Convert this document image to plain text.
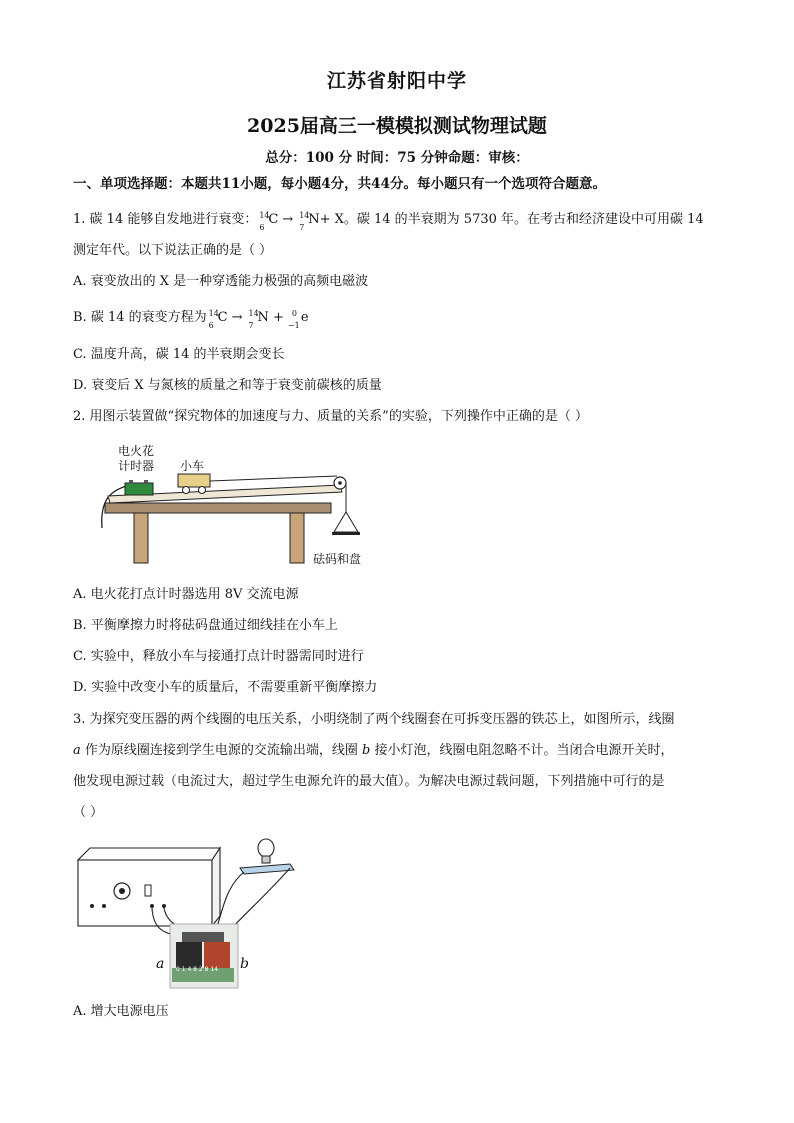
江苏省射阳中学
2025届高三一模模拟测试物理试题
总分：100 分 时间：75 分钟命题：审核：
一、单项选择题：本题共11小题，每小题4分，共44分。每小题只有一个选项符合题意。
1. 碳 14 能够自发地进行衰变： 14
6
C → 14
7
N+ X。碳 14 的半衰期为 5730 年。在考古和经济建设中可用碳 14
测定年代。以下说法正确的是（ ）
A. 衰变放出的 X 是一种穿透能力极强的高频电磁波
B. 碳 14 的衰变方程为 14
6
C → 14
7
N + 0
−1
e
C. 温度升高，碳 14 的半衰期会变长
D. 衰变后 X 与氮核的质量之和等于衰变前碳核的质量
2. 用图示装置做“探究物体的加速度与力、质量的关系”的实验，下列操作中正确的是（ ）
电火花
计时器 小车
砝码和盘
A. 电火花打点计时器选用 8V 交流电源
B. 平衡摩擦力时将砝码盘通过细线挂在小车上
C. 实验中，释放小车与接通打点计时器需同时进行
D. 实验中改变小车的质量后，不需要重新平衡摩擦力
3. 为探究变压器的两个线圈的电压关系，小明绕制了两个线圈套在可拆变压器的铁芯上，如图所示，线圈
a 作为原线圈连接到学生电源的交流输出端，线圈 b 接小灯泡，线圈电阻忽略不计。当闭合电源开关时，
他发现电源过载（电流过大，超过学生电源允许的最大值）。为解决电源过载问题，下列措施中可行的是
（ ）
a	b
0 1 4 8 2 8 14
A. 增大电源电压
